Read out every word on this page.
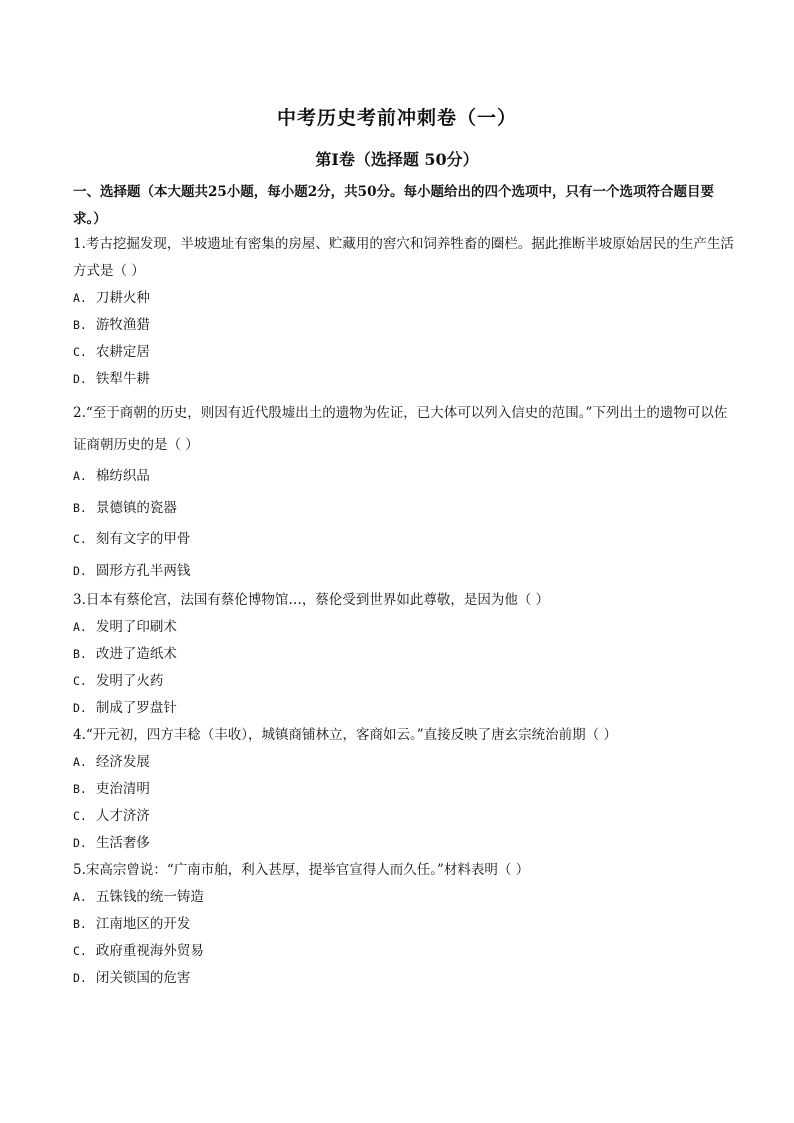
中考历史考前冲刺卷（一）
第Ⅰ卷（选择题 50分）
一、选择题（本大题共25小题，每小题2分，共50分。每小题给出的四个选项中，只有一个选项符合题目要求。）
1.考古挖掘发现，半坡遗址有密集的房屋、贮藏用的窖穴和饲养牲畜的圈栏。据此推断半坡原始居民的生产生活方式是（ ）
A. 刀耕火种
B. 游牧渔猎
C. 农耕定居
D. 铁犁牛耕
2.“至于商朝的历史，则因有近代殷墟出土的遗物为佐证，已大体可以列入信史的范围。”下列出土的遗物可以佐证商朝历史的是（ ）
A. 棉纺织品
B. 景德镇的瓷器
C. 刻有文字的甲骨
D. 圆形方孔半两钱
3.日本有蔡伦宫，法国有蔡伦博物馆…，蔡伦受到世界如此尊敬，是因为他（ ）
A. 发明了印刷术
B. 改进了造纸术
C. 发明了火药
D. 制成了罗盘针
4.“开元初，四方丰稔（丰收），城镇商铺林立，客商如云。”直接反映了唐玄宗统治前期（ ）
A. 经济发展
B. 吏治清明
C. 人才济济
D. 生活奢侈
5.宋高宗曾说：“广南市舶，利入甚厚，提举官宣得人而久任。”材料表明（ ）
A. 五铢钱的统一铸造
B. 江南地区的开发
C. 政府重视海外贸易
D. 闭关锁国的危害
